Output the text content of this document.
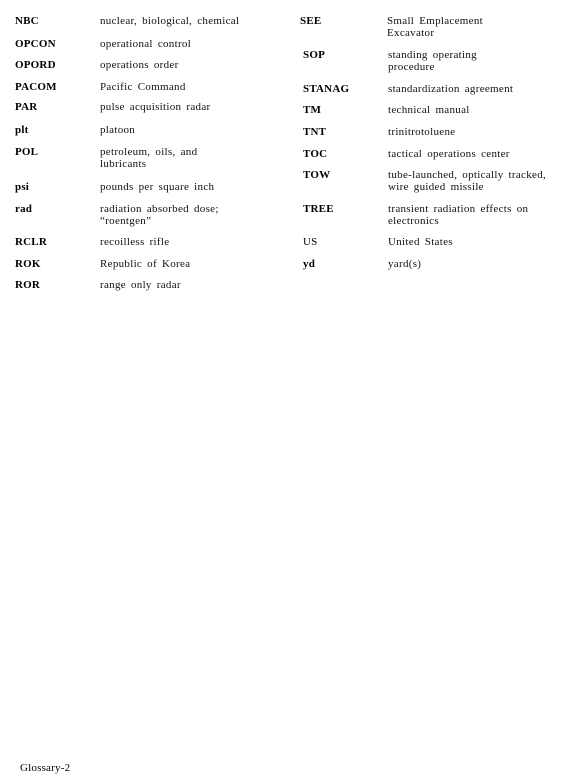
NBC	nuclear, biological, chemical
OPCON	operational control
OPORD	operations order
PACOM	Pacific Command
PAR	pulse acquisition radar
plt	platoon
POL	petroleum, oils, and lubricants
psi	pounds per square inch
rad	radiation absorbed dose; “roentgen”
RCLR	recoilless rifle
ROK	Republic of Korea
ROR	range only radar
SEE	Small Emplacement Excavator
SOP	standing operating procedure
STANAG	standardization agreement
TM	technical manual
TNT	trinitrotoluene
TOC	tactical operations center
TOW	tube-launched, optically tracked, wire guided missile
TREE	transient radiation effects on electronics
US	United States
yd	yard(s)
Glossary-2
